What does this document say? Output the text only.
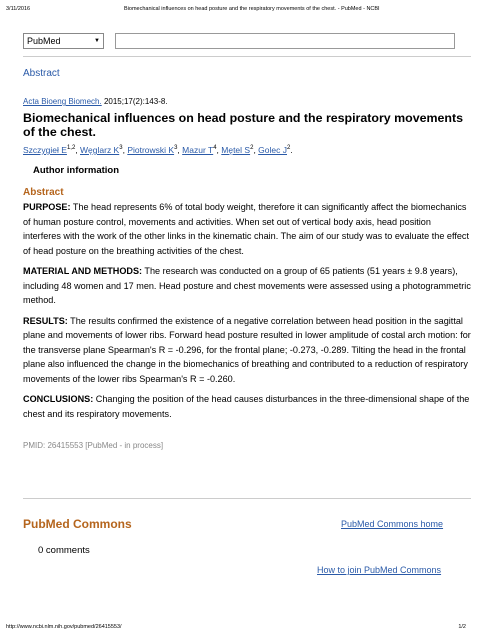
3/11/2016	Biomechanical influences on head posture and the respiratory movements of the chest. - PubMed - NCBI
PubMed	▼
Abstract
Acta Bioeng Biomech. 2015;17(2):143-8.
Biomechanical influences on head posture and the respiratory movements of the chest.
Szczygieł E$^{1,2}$, Węglarz $K^3$, Piotrowski $K^3$, Mazur $T^4$, Mętel $S^2$, Golec $J^2$.
Author information
Abstract

PURPOSE: The head represents 6% of total body weight, therefore it can significantly affect the biomechanics of human posture control, movements and activities. When set out of vertical body axis, head position interferes with the work of the other links in the kinematic chain. The aim of our study was to evaluate the effect of head posture on the breathing activities of the chest.

MATERIAL AND METHODS: The research was conducted on a group of 65 patients (51 years ± 9.8 years), including 48 women and 17 men. Head posture and chest movements were assessed using a photogrammetric method.

RESULTS: The results confirmed the existence of a negative correlation between head position in the sagittal plane and movements of lower ribs. Forward head posture resulted in lower amplitude of costal arch motion: for the transverse plane Spearman's R = -0.296, for the frontal plane; -0.273, -0.289. Tilting the head in the frontal plane also influenced the change in the biomechanics of breathing and contributed to a reduction of respiratory movements of the lower ribs Spearman's R = -0.260.

CONCLUSIONS: Changing the position of the head causes disturbances in the three-dimensional shape of the chest and its respiratory movements.

PMID: 26415553 [PubMed - in process]
PubMed Commons	PubMed Commons home
0 comments
How to join PubMed Commons
http://www.ncbi.nlm.nih.gov/pubmed/26415553/	1/2
